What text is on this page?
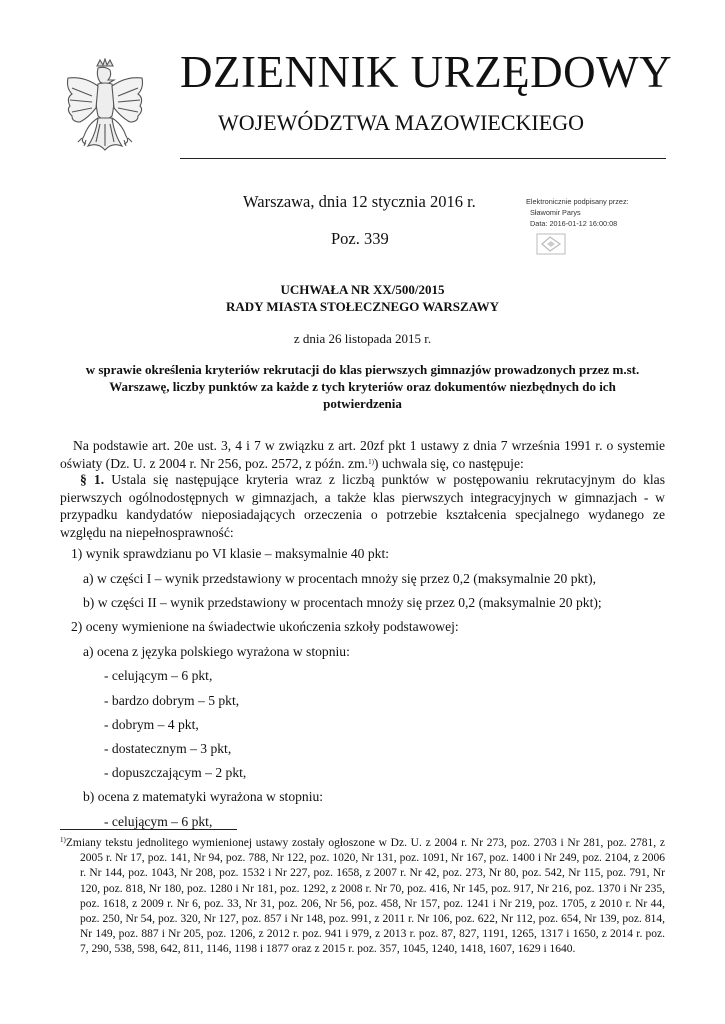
DZIENNIK URZĘDOWY
WOJEWÓDZTWA MAZOWIECKIEGO
Warszawa, dnia 12 stycznia 2016 r.
Poz. 339
Elektronicznie podpisany przez:
Sławomir Parys
Data: 2016-01-12 16:00:08
UCHWAŁA NR XX/500/2015
RADY MIASTA STOŁECZNEGO WARSZAWY
z dnia 26 listopada 2015 r.
w sprawie określenia kryteriów rekrutacji do klas pierwszych gimnazjów prowadzonych przez m.st.
Warszawę, liczby punktów za każde z tych kryteriów oraz dokumentów niezbędnych do ich
potwierdzenia
Na podstawie art. 20e ust. 3, 4 i 7 w związku z art. 20zf pkt 1 ustawy z dnia 7 września 1991 r. o systemie oświaty (Dz. U. z 2004 r. Nr 256, poz. 2572, z późn. zm.$^{1)}$) uchwala się, co następuje:
§ 1. Ustala się następujące kryteria wraz z liczbą punktów w postępowaniu rekrutacyjnym do klas pierwszych ogólnodostępnych w gimnazjach, a także klas pierwszych integracyjnych w gimnazjach - w przypadku kandydatów nieposiadających orzeczenia o potrzebie kształcenia specjalnego wydanego ze względu na niepełnosprawność:
1) wynik sprawdzianu po VI klasie – maksymalnie 40 pkt:
a) w części I – wynik przedstawiony w procentach mnoży się przez 0,2 (maksymalnie 20 pkt),
b) w części II – wynik przedstawiony w procentach mnoży się przez 0,2 (maksymalnie 20 pkt);
2) oceny wymienione na świadectwie ukończenia szkoły podstawowej:
a) ocena z języka polskiego wyrażona w stopniu:
- celującym – 6 pkt,
- bardzo dobrym – 5 pkt,
- dobrym – 4 pkt,
- dostatecznym – 3 pkt,
- dopuszczającym – 2 pkt,
b) ocena z matematyki wyrażona w stopniu:
- celującym – 6 pkt,
$^{1)}$Zmiany tekstu jednolitego wymienionej ustawy zostały ogłoszone w Dz. U. z 2004 r. Nr 273, poz. 2703 i Nr 281, poz. 2781, z 2005 r. Nr 17, poz. 141, Nr 94, poz. 788, Nr 122, poz. 1020, Nr 131, poz. 1091, Nr 167, poz. 1400 i Nr 249, poz. 2104, z 2006 r. Nr 144, poz. 1043, Nr 208, poz. 1532 i Nr 227, poz. 1658, z 2007 r. Nr 42, poz. 273, Nr 80, poz. 542, Nr 115, poz. 791, Nr 120, poz. 818, Nr 180, poz. 1280 i Nr 181, poz. 1292, z 2008 r. Nr 70, poz. 416, Nr 145, poz. 917, Nr 216, poz. 1370 i Nr 235, poz. 1618, z 2009 r. Nr 6, poz. 33, Nr 31, poz. 206, Nr 56, poz. 458, Nr 157, poz. 1241 i Nr 219, poz. 1705, z 2010 r. Nr 44, poz. 250, Nr 54, poz. 320, Nr 127, poz. 857 i Nr 148, poz. 991, z 2011 r. Nr 106, poz. 622, Nr 112, poz. 654, Nr 139, poz. 814, Nr 149, poz. 887 i Nr 205, poz. 1206, z 2012 r. poz. 941 i 979, z 2013 r. poz. 87, 827, 1191, 1265, 1317 i 1650, z 2014 r. poz. 7, 290, 538, 598, 642, 811, 1146, 1198 i 1877 oraz z 2015 r. poz. 357, 1045, 1240, 1418, 1607, 1629 i 1640.
